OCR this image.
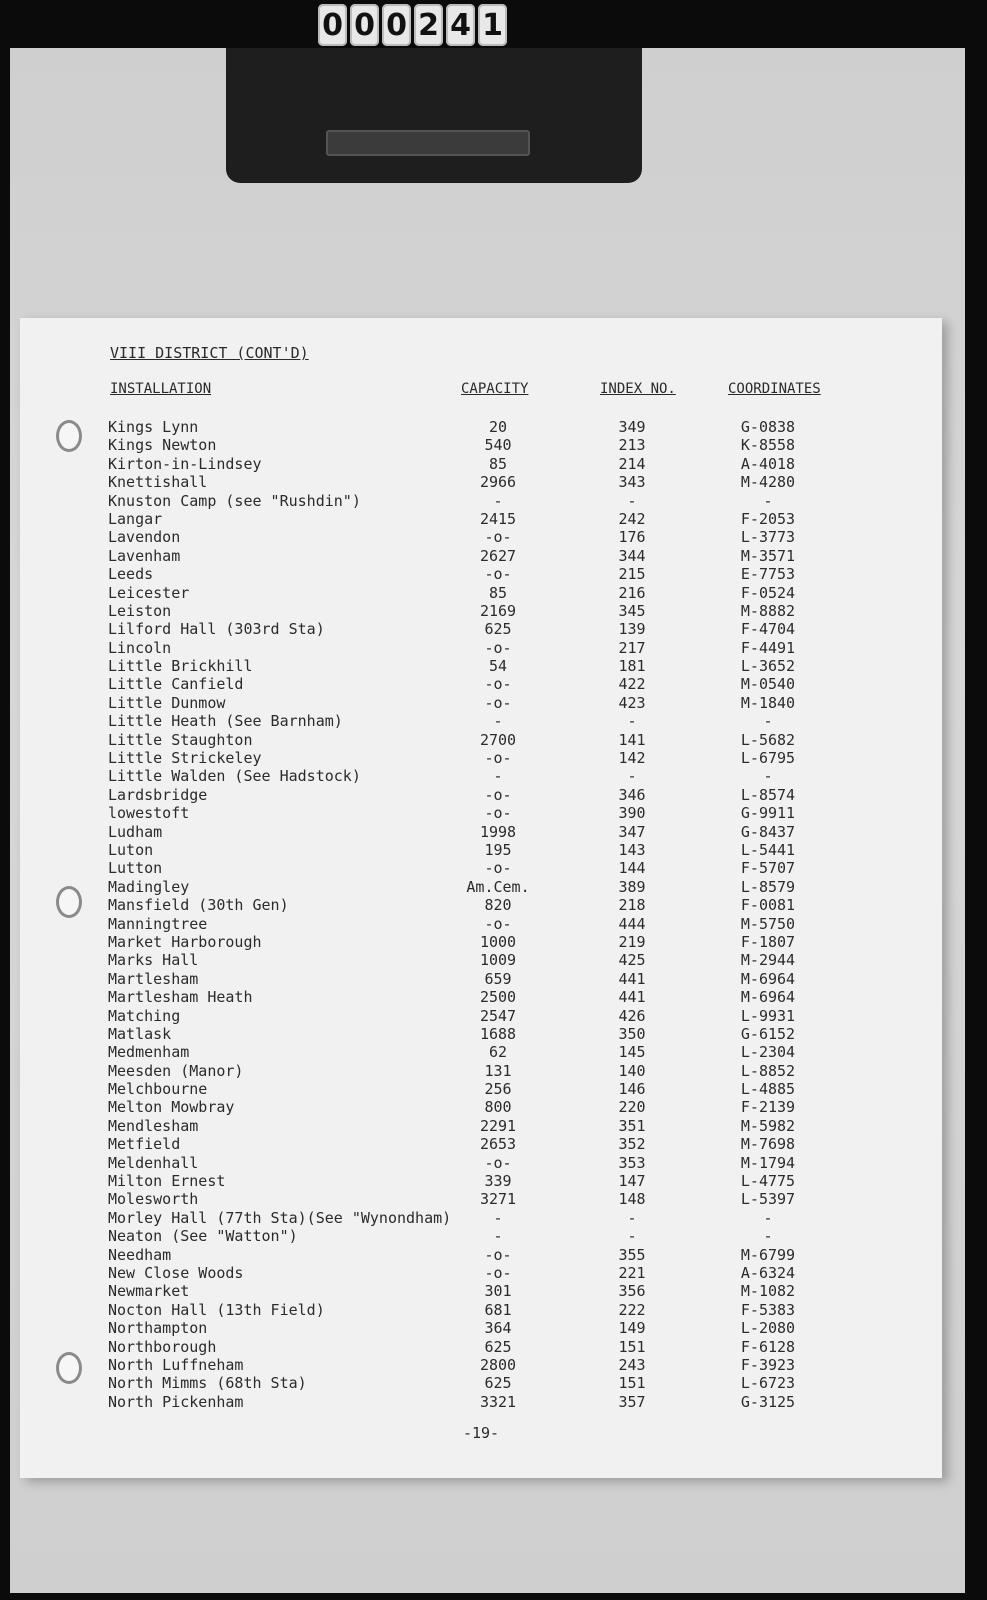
0 0 0 2 4 1
VIII DISTRICT (CONT'D)
INSTALLATION	CAPACITY	INDEX NO.	COORDINATES
Kings Lynn	20	349	G-0838
Kings Newton	540	213	K-8558
Kirton-in-Lindsey	85	214	A-4018
Knettishall	2966	343	M-4280
Knuston Camp (see "Rushdin")	-	-	-
Langar	2415	242	F-2053
Lavendon	-o-	176	L-3773
Lavenham	2627	344	M-3571
Leeds	-o-	215	E-7753
Leicester	85	216	F-0524
Leiston	2169	345	M-8882
Lilford Hall (303rd Sta)	625	139	F-4704
Lincoln	-o-	217	F-4491
Little Brickhill	54	181	L-3652
Little Canfield	-o-	422	M-0540
Little Dunmow	-o-	423	M-1840
Little Heath (See Barnham)	-	-	-
Little Staughton	2700	141	L-5682
Little Strickeley	-o-	142	L-6795
Little Walden (See Hadstock)	-	-	-
Lardsbridge	-o-	346	L-8574
lowestoft	-o-	390	G-9911
Ludham	1998	347	G-8437
Luton	195	143	L-5441
Lutton	-o-	144	F-5707
Madingley	Am.Cem.	389	L-8579
Mansfield (30th Gen)	820	218	F-0081
Manningtree	-o-	444	M-5750
Market Harborough	1000	219	F-1807
Marks Hall	1009	425	M-2944
Martlesham	659	441	M-6964
Martlesham Heath	2500	441	M-6964
Matching	2547	426	L-9931
Matlask	1688	350	G-6152
Medmenham	62	145	L-2304
Meesden (Manor)	131	140	L-8852
Melchbourne	256	146	L-4885
Melton Mowbray	800	220	F-2139
Mendlesham	2291	351	M-5982
Metfield	2653	352	M-7698
Meldenhall	-o-	353	M-1794
Milton Ernest	339	147	L-4775
Molesworth	3271	148	L-5397
Morley Hall (77th Sta)(See "Wynondham)	-	-	-
Neaton (See "Watton")	-	-	-
Needham	-o-	355	M-6799
New Close Woods	-o-	221	A-6324
Newmarket	301	356	M-1082
Nocton Hall (13th Field)	681	222	F-5383
Northampton	364	149	L-2080
Northborough	625	151	F-6128
North Luffneham	2800	243	F-3923
North Mimms (68th Sta)	625	151	L-6723
North Pickenham	3321	357	G-3125
-19-
